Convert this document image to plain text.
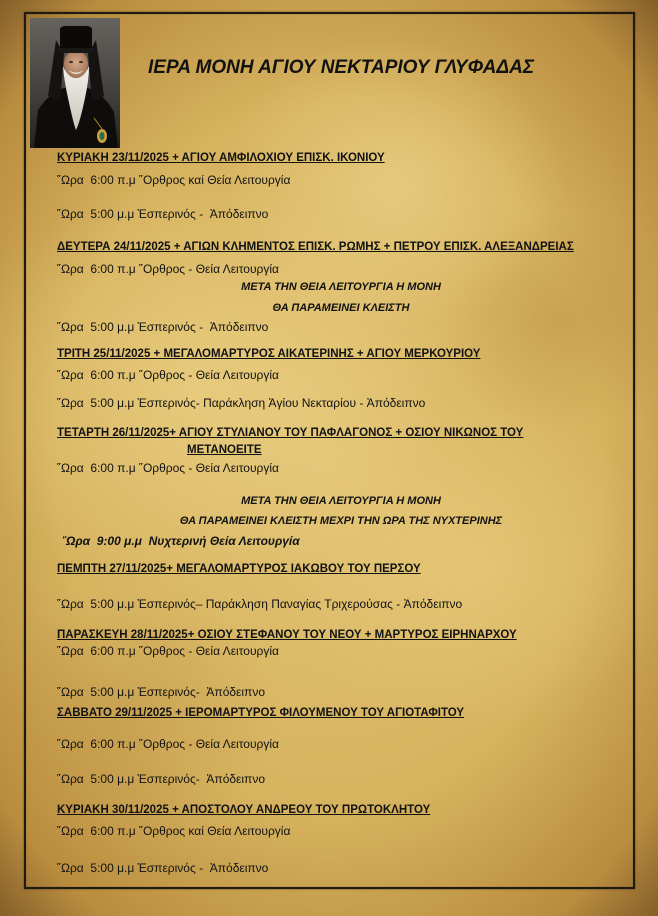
ΙΕΡΑ ΜΟΝΗ ΑΓΙΟΥ ΝΕΚΤΑΡΙΟΥ ΓΛΥΦΑΔΑΣ
ΚΥΡΙΑΚΗ 23/11/2025 + ΑΓΙΟΥ ΑΜΦΙΛΟΧΙΟΥ ΕΠΙΣΚ. ΙΚΟΝΙΟΥ
῞Ωρα  6:00 π.μ ῞Ορθρος καί Θεία Λειτουργία
῞Ωρα  5:00 μ.μ Ἑσπερινός -  Ἀπόδειπνο
ΔΕΥΤΕΡΑ 24/11/2025 + ΑΓΙΩΝ ΚΛΗΜΕΝΤΟΣ ΕΠΙΣΚ. ΡΩΜΗΣ + ΠΕΤΡΟΥ ΕΠΙΣΚ. ΑΛΕΞΑΝΔΡΕΙΑΣ
῞Ωρα  6:00 π.μ ῞Ορθρος - Θεία Λειτουργία
ΜΕΤΑ ΤΗΝ ΘΕΙΑ ΛΕΙΤΟΥΡΓΙΑ Η ΜΟΝΗ
ΘΑ ΠΑΡΑΜΕΙΝΕΙ ΚΛΕΙΣΤΗ
῞Ωρα  5:00 μ.μ Ἑσπερινός -  Ἀπόδειπνο
ΤΡΙΤΗ 25/11/2025 + ΜΕΓΑΛΟΜΑΡΤΥΡΟΣ ΑΙΚΑΤΕΡΙΝΗΣ + ΑΓΙΟΥ ΜΕΡΚΟΥΡΙΟΥ
῞Ωρα  6:00 π.μ ῞Ορθρος - Θεία Λειτουργία
῞Ωρα  5:00 μ.μ Ἑσπερινός- Παράκληση Ἁγίου Νεκταρίου - Ἀπόδειπνο
ΤΕΤΑΡΤΗ 26/11/2025+ ΑΓΙΟΥ ΣΤΥΛΙΑΝΟΥ ΤΟΥ ΠΑΦΛΑΓΟΝΟΣ + ΟΣΙΟΥ ΝΙΚΩΝΟΣ ΤΟΥ
ΜΕΤΑΝΟΕΙΤΕ
῞Ωρα  6:00 π.μ ῞Ορθρος - Θεία Λειτουργία
ΜΕΤΑ ΤΗΝ ΘΕΙΑ ΛΕΙΤΟΥΡΓΙΑ Η ΜΟΝΗ
ΘΑ ΠΑΡΑΜΕΙΝΕΙ ΚΛΕΙΣΤΗ ΜΕΧΡΙ ΤΗΝ ΩΡΑ ΤΗΣ ΝΥΧΤΕΡΙΝΗΣ
῞Ωρα  9:00 μ.μ  Νυχτερινή Θεία Λειτουργία
ΠΕΜΠΤΗ 27/11/2025+ ΜΕΓΑΛΟΜΑΡΤΥΡΟΣ ΙΑΚΩΒΟΥ ΤΟΥ ΠΕΡΣΟΥ
῞Ωρα  5:00 μ.μ Ἑσπερινός– Παράκληση Παναγίας Τριχερούσας - Ἀπόδειπνο
ΠΑΡΑΣΚΕΥΗ 28/11/2025+ ΟΣΙΟΥ ΣΤΕΦΑΝΟΥ ΤΟΥ ΝΕΟΥ + ΜΑΡΤΥΡΟΣ ΕΙΡΗΝΑΡΧΟΥ
῞Ωρα  6:00 π.μ ῞Ορθρος - Θεία Λειτουργία
῞Ωρα  5:00 μ.μ Ἑσπερινός-  Ἀπόδειπνο
ΣΑΒΒΑΤΟ 29/11/2025 + ΙΕΡΟΜΑΡΤΥΡΟΣ ΦΙΛΟΥΜΕΝΟΥ ΤΟΥ ΑΓΙΟΤΑΦΙΤΟΥ
῞Ωρα  6:00 π.μ ῞Ορθρος - Θεία Λειτουργία
῞Ωρα  5:00 μ.μ Ἑσπερινός-  Ἀπόδειπνο
ΚΥΡΙΑΚΗ 30/11/2025 + ΑΠΟΣΤΟΛΟΥ ΑΝΔΡΕΟΥ ΤΟΥ ΠΡΩΤΟΚΛΗΤΟΥ
῞Ωρα  6:00 π.μ ῞Ορθρος καί Θεία Λειτουργία
῞Ωρα  5:00 μ.μ Ἑσπερινός -  Ἀπόδειπνο
